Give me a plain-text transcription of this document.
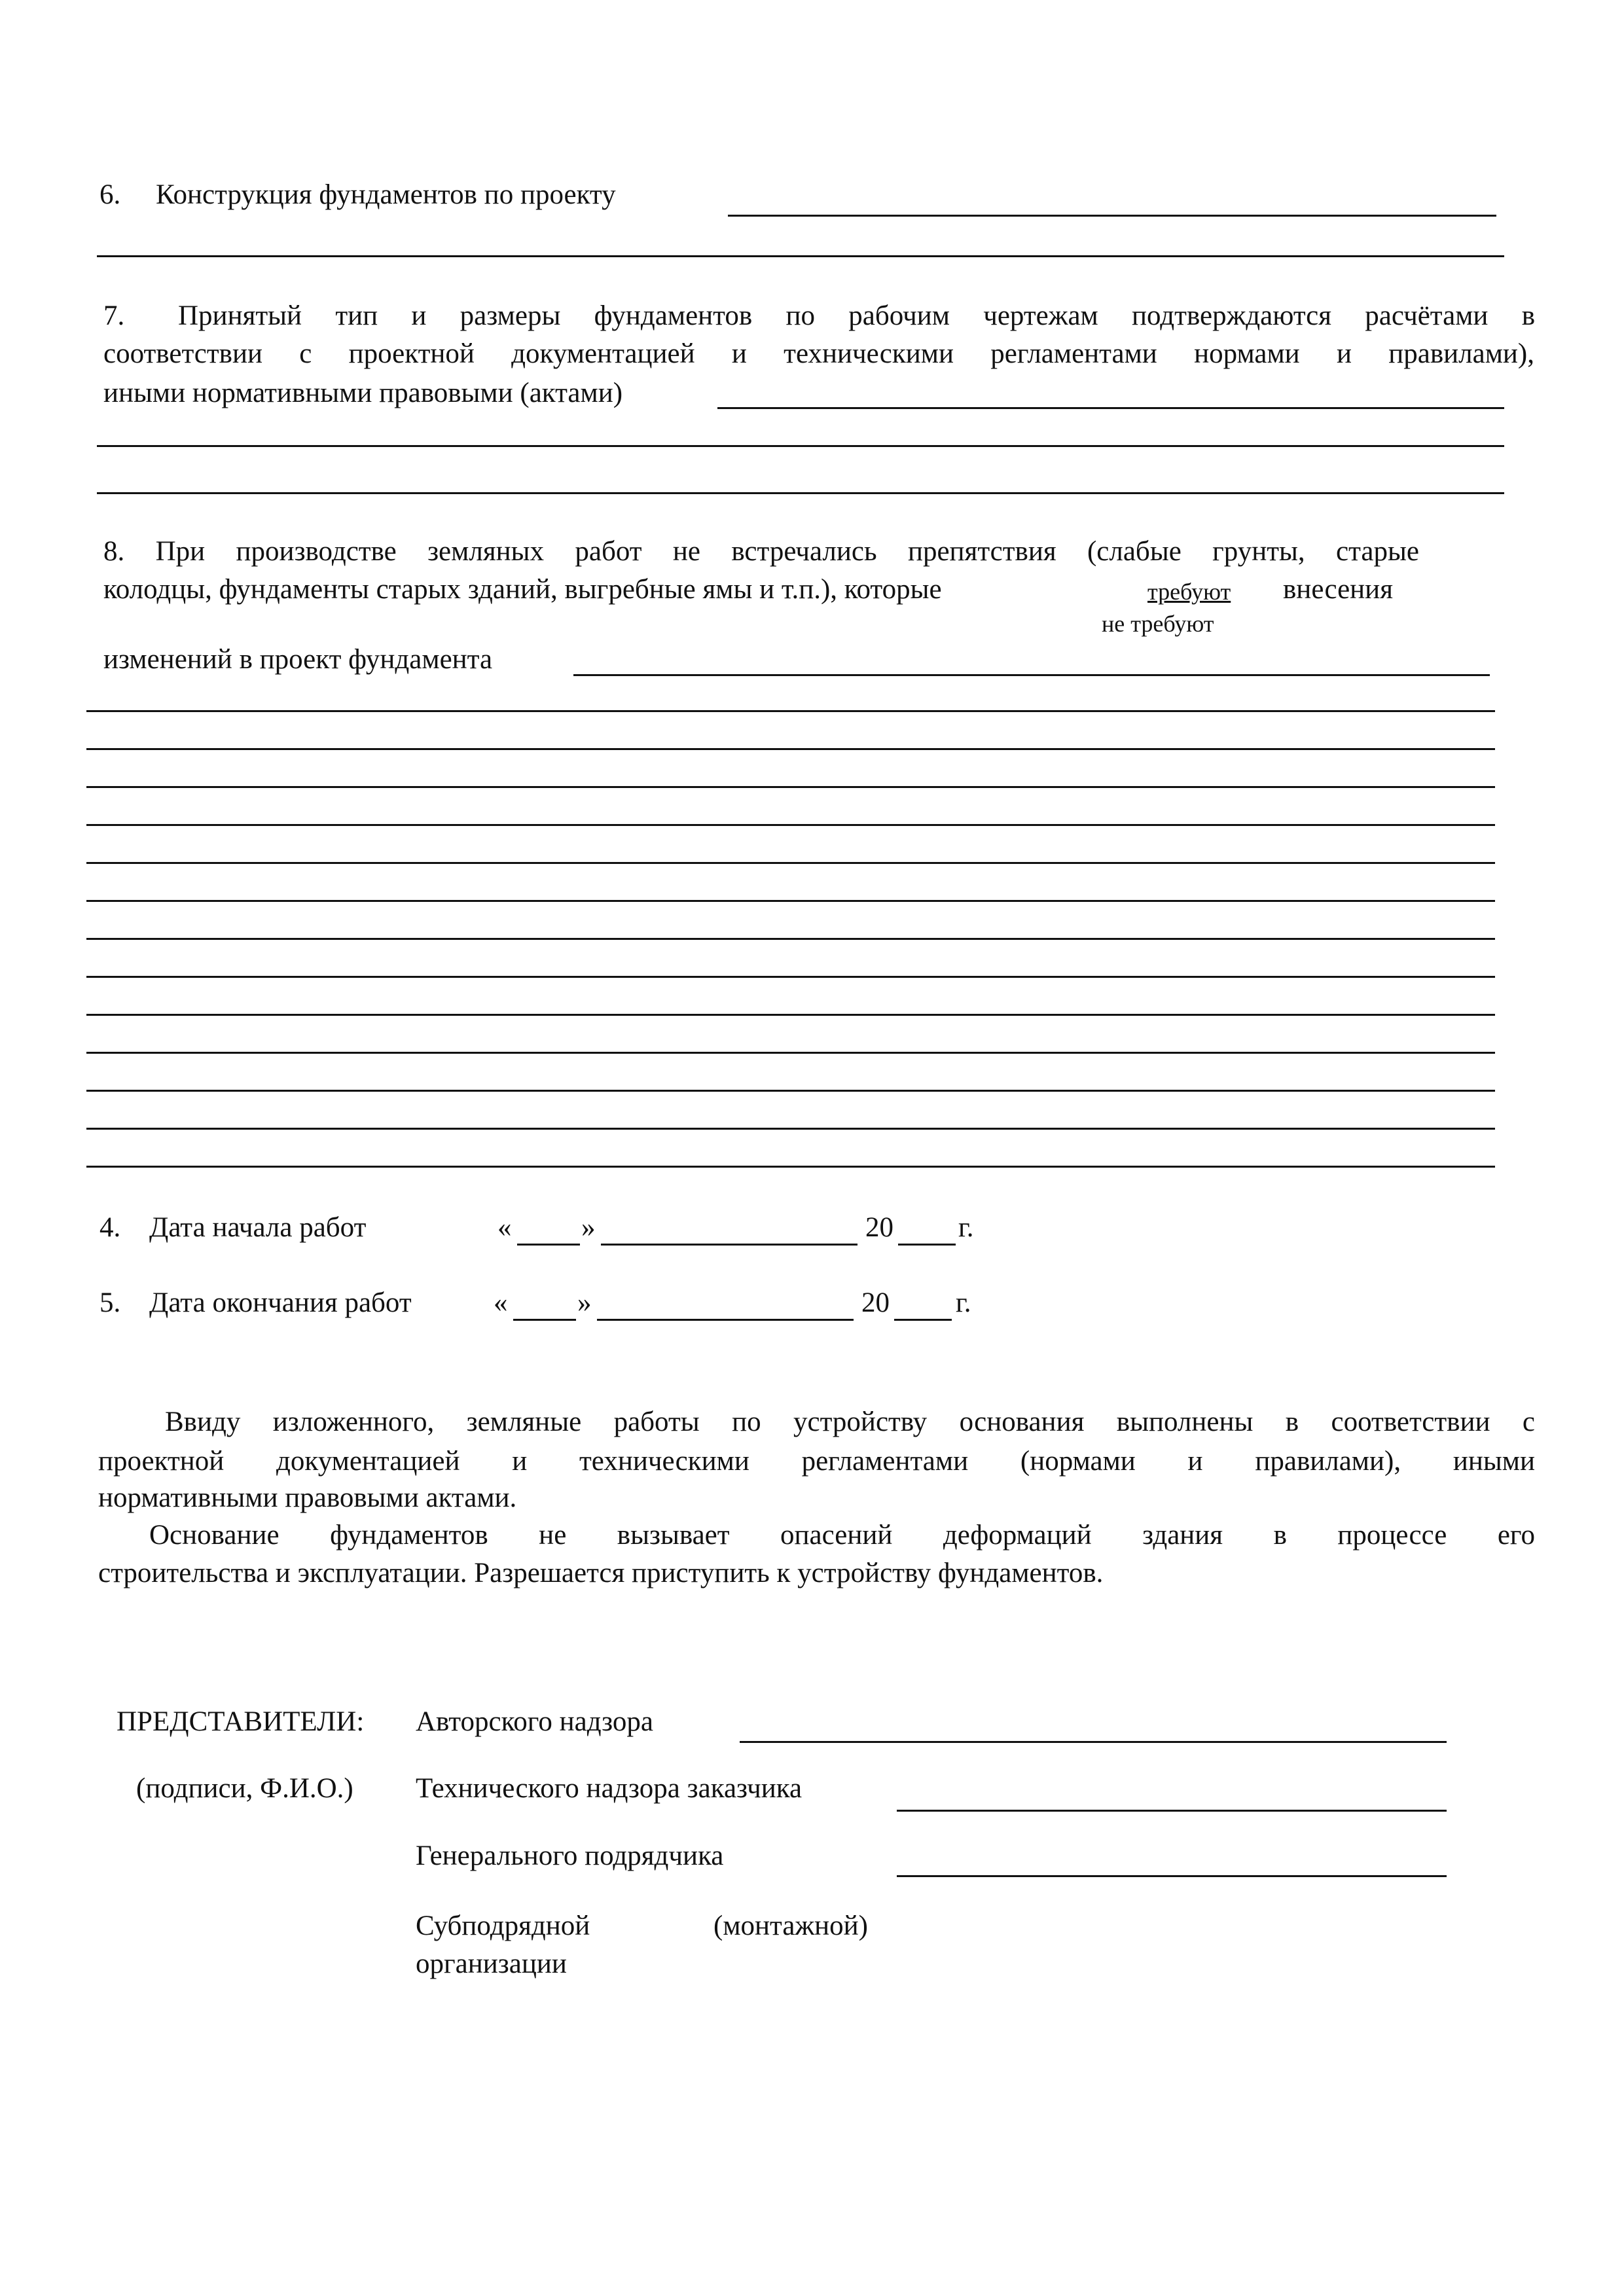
6. Конструкция фундаментов по проекту
7. Принятый тип и размеры фундаментов по рабочим чертежам подтверждаются расчётами в
соответствии с проектной документацией и техническими регламентами нормами и правилами),
иными нормативными правовыми (актами)
8. При производстве земляных работ не встречались препятствия (слабые грунты, старые
колодцы, фундаменты старых зданий, выгребные ямы и т.п.), которые	требуют внесения
не требуют
изменений в проект фундамента
4. Дата начала работ	« »	20 г.
5. Дата окончания работ	« »	20 г.
Ввиду изложенного, земляные работы по устройству основания выполнены в соответствии с
проектной документацией и техническими регламентами (нормами и правилами), иными
нормативными правовыми актами.
Основание фундаментов не вызывает опасений деформаций здания в процессе его
строительства и эксплуатации. Разрешается приступить к устройству фундаментов.
ПРЕДСТАВИТЕЛИ:
(подписи, Ф.И.О.)
Авторского надзора
Технического надзора заказчика
Генерального подрядчика
Субподрядной	(монтажной)
организации
